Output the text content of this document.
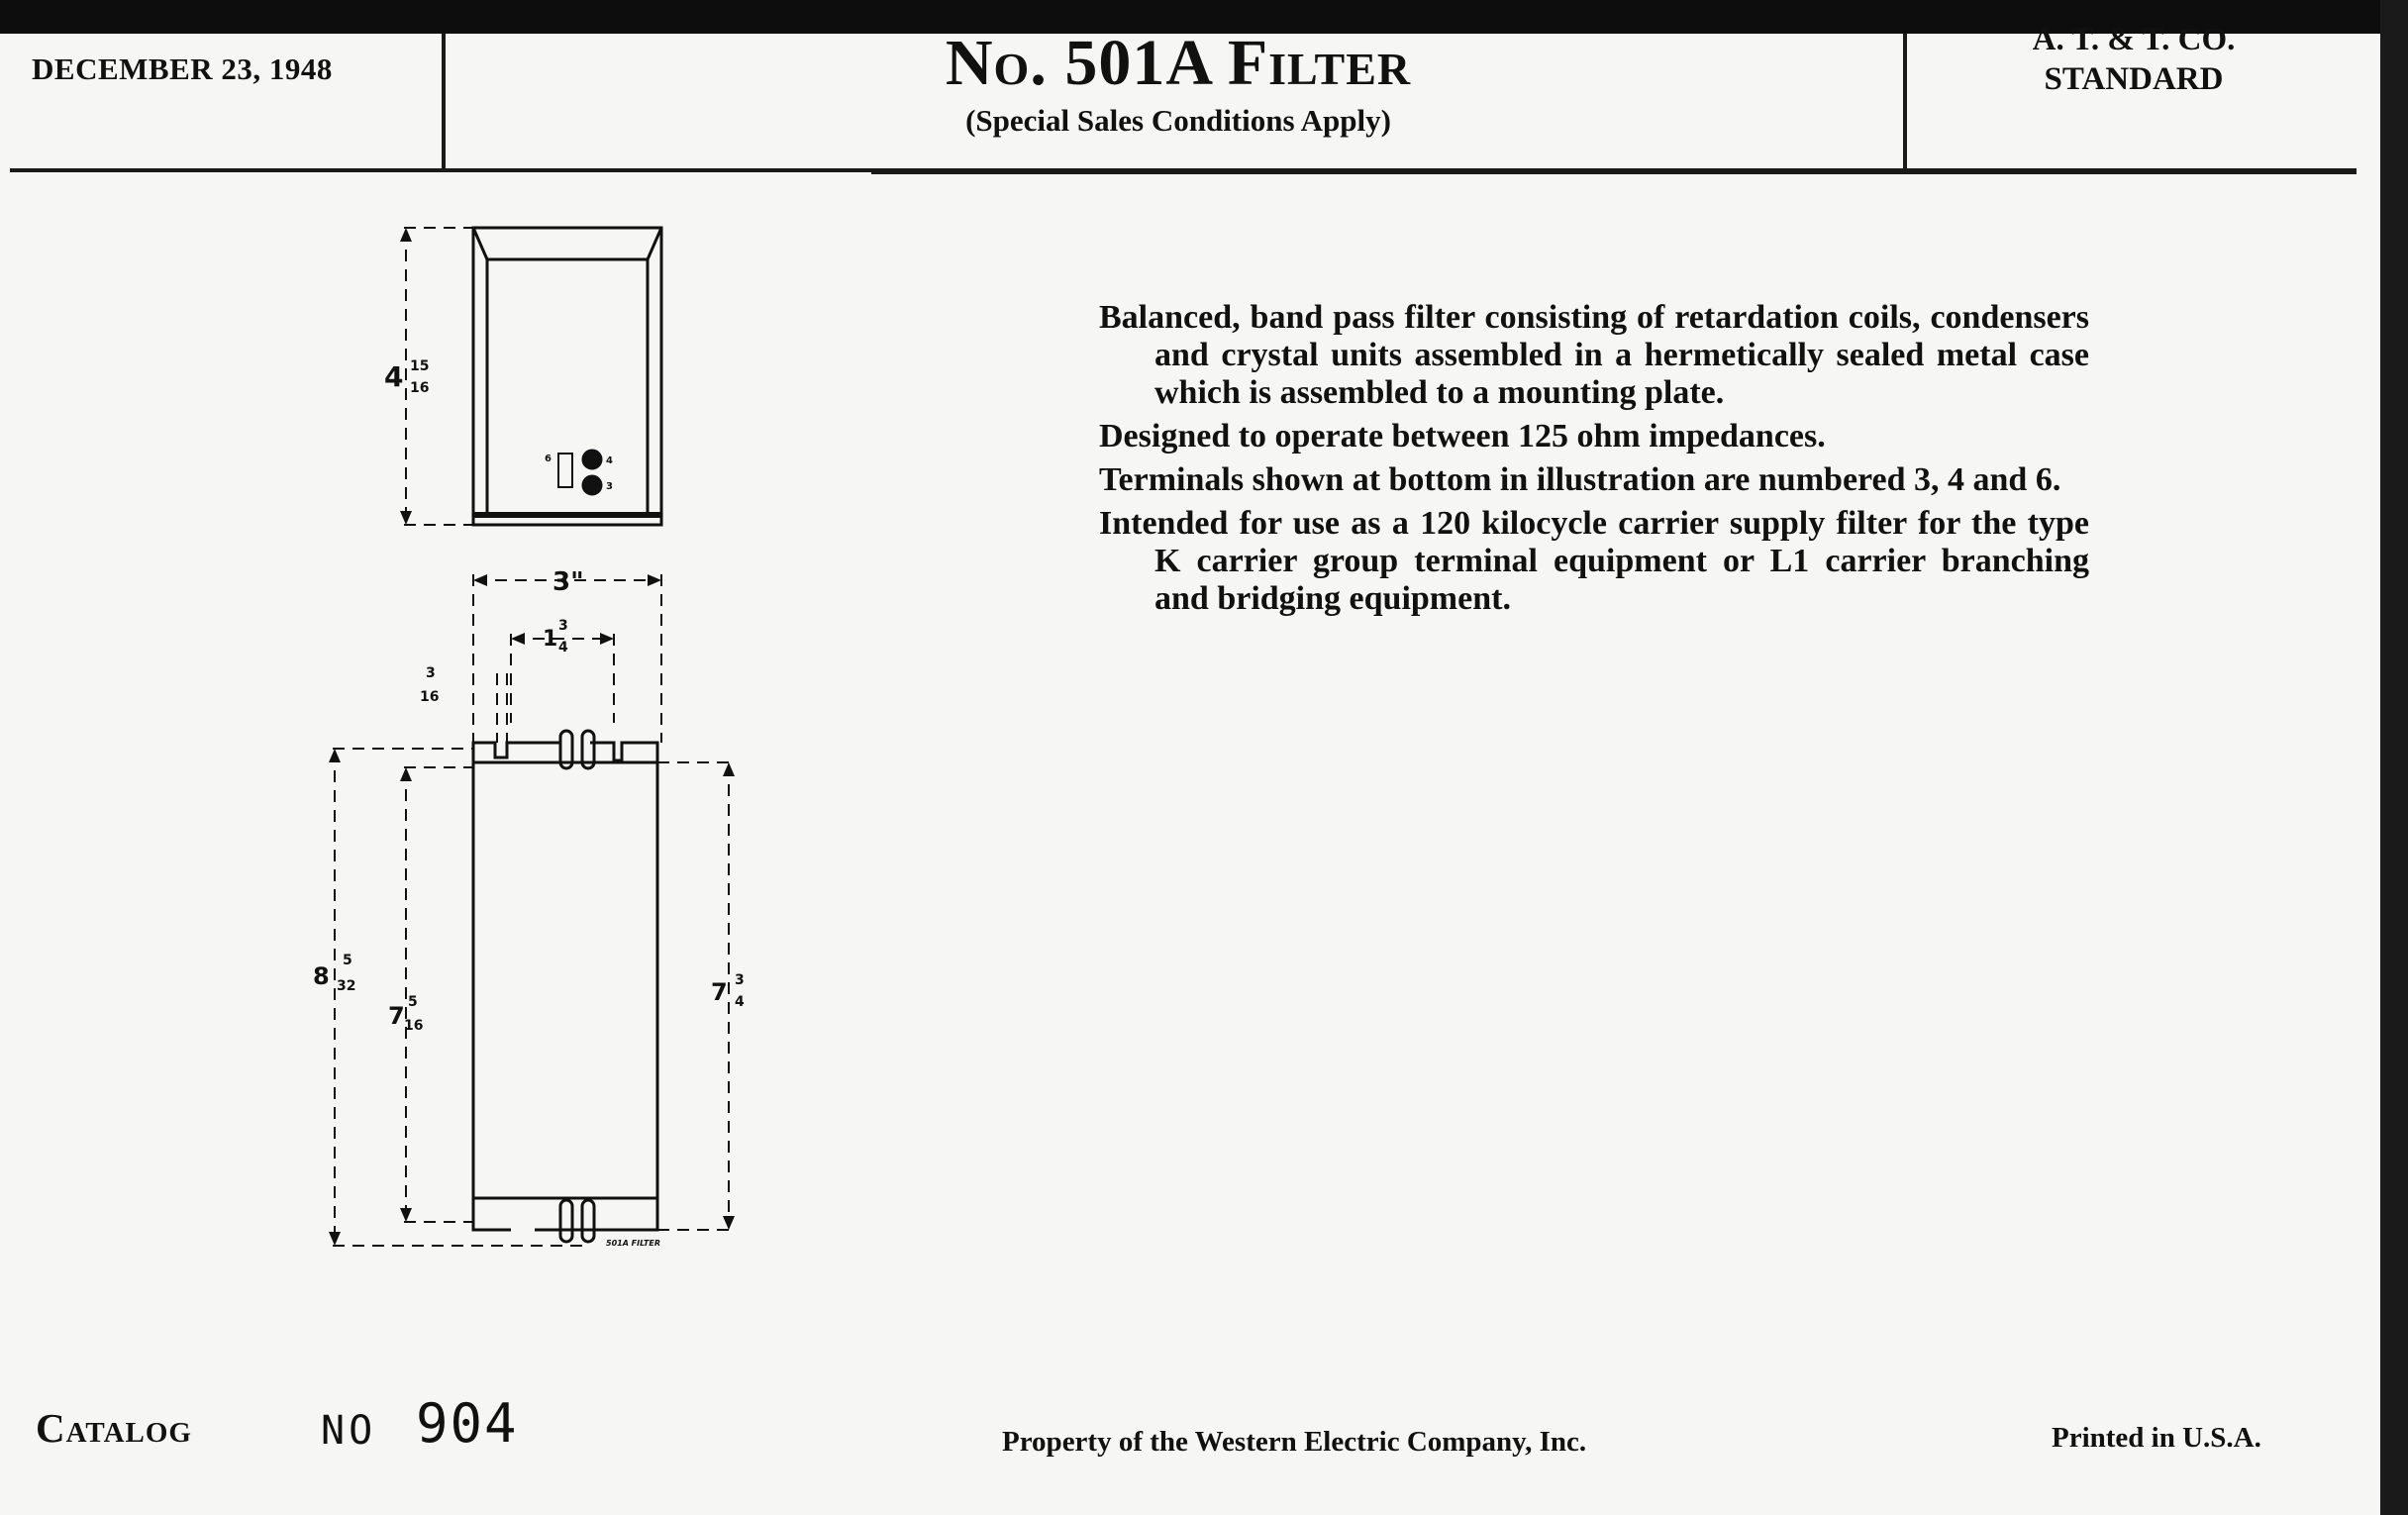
DECEMBER 23, 1948	No. 501A Filter
(Special Sales Conditions Apply)
A. T. & T. CO.
STANDARD

Balanced, band pass filter consisting of retardation coils, condensers and crystal units assembled in a hermetically sealed metal case which is assembled to a mounting plate.

Designed to operate between 125 ohm impedances.

Terminals shown at bottom in illustration are numbered 3, 4 and 6.

Intended for use as a 120 kilocycle carrier supply filter for the type K carrier group terminal equipment or L1 carrier branching and bridging equipment.

4 15
16
3"
1
3
4
3
16
8
5
32
7 5
16
7 3
4
6	4
3
501A FILTER
Catalog	NO 904	Property of the Western Electric Company, Inc.	Printed in U.S.A.
